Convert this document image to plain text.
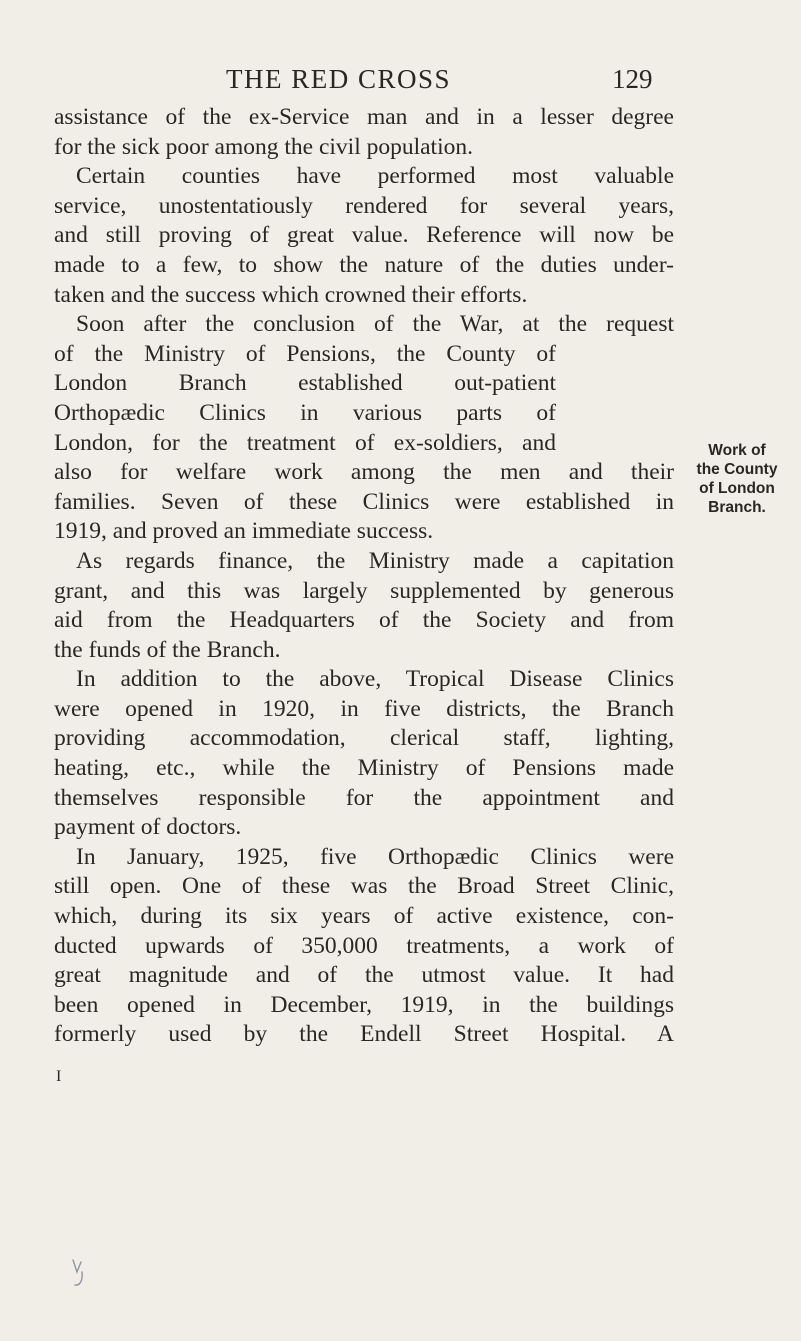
THE RED CROSS	129
assistance of the ex-Service man and in a lesser degree
for the sick poor among the civil population.
Certain counties have performed most valuable
service, unostentatiously rendered for several years,
and still proving of great value. Reference will now be
made to a few, to show the nature of the duties under-
taken and the success which crowned their efforts.
Soon after the conclusion of the War, at the request
of the Ministry of Pensions, the County of
London Branch established out-patient
Orthopædic Clinics in various parts of
London, for the treatment of ex-soldiers, and
also for welfare work among the men and their
families. Seven of these Clinics were established in
1919, and proved an immediate success.
As regards finance, the Ministry made a capitation
grant, and this was largely supplemented by generous
aid from the Headquarters of the Society and from
the funds of the Branch.
In addition to the above, Tropical Disease Clinics
were opened in 1920, in five districts, the Branch
providing accommodation, clerical staff, lighting,
heating, etc., while the Ministry of Pensions made
themselves responsible for the appointment and
payment of doctors.
In January, 1925, five Orthopædic Clinics were
still open. One of these was the Broad Street Clinic,
which, during its six years of active existence, con-
ducted upwards of 350,000 treatments, a work of
great magnitude and of the utmost value. It had
been opened in December, 1919, in the buildings
formerly used by the Endell Street Hospital. A
Work of
the County
of London
Branch.
I
